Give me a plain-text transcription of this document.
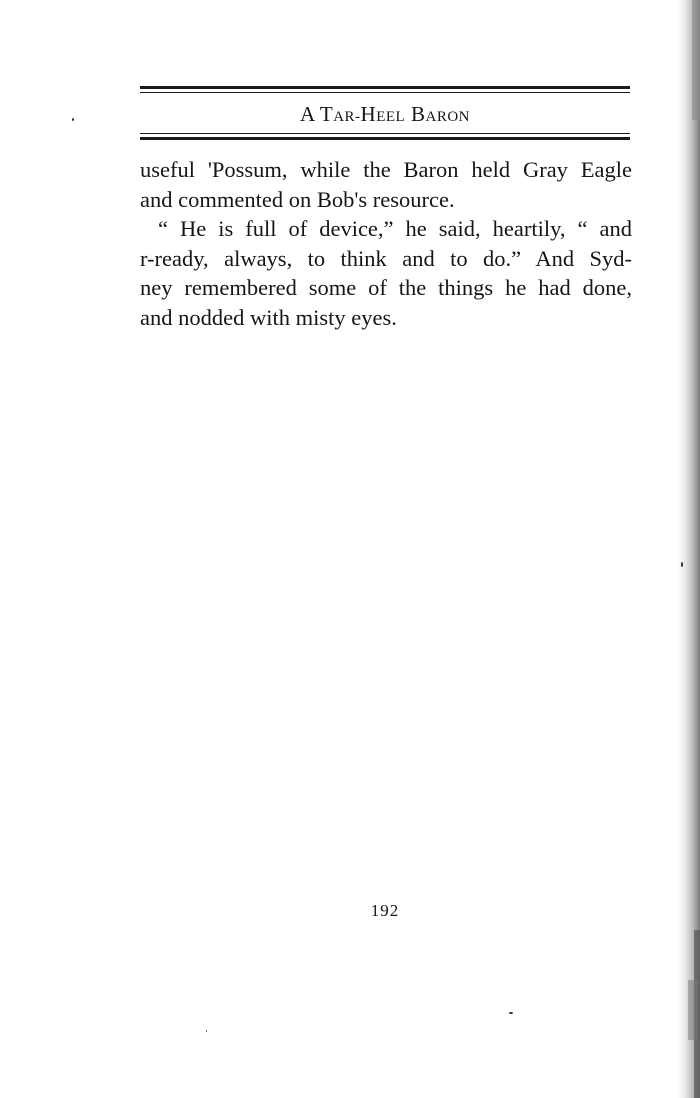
A TAR-HEEL BARON
useful 'Possum, while the Baron held Gray Eagle
and commented on Bob's resource.
“ He is full of device,” he said, heartily, “ and
r-ready, always, to think and to do.” And Syd-
ney remembered some of the things he had done,
and nodded with misty eyes.
192
